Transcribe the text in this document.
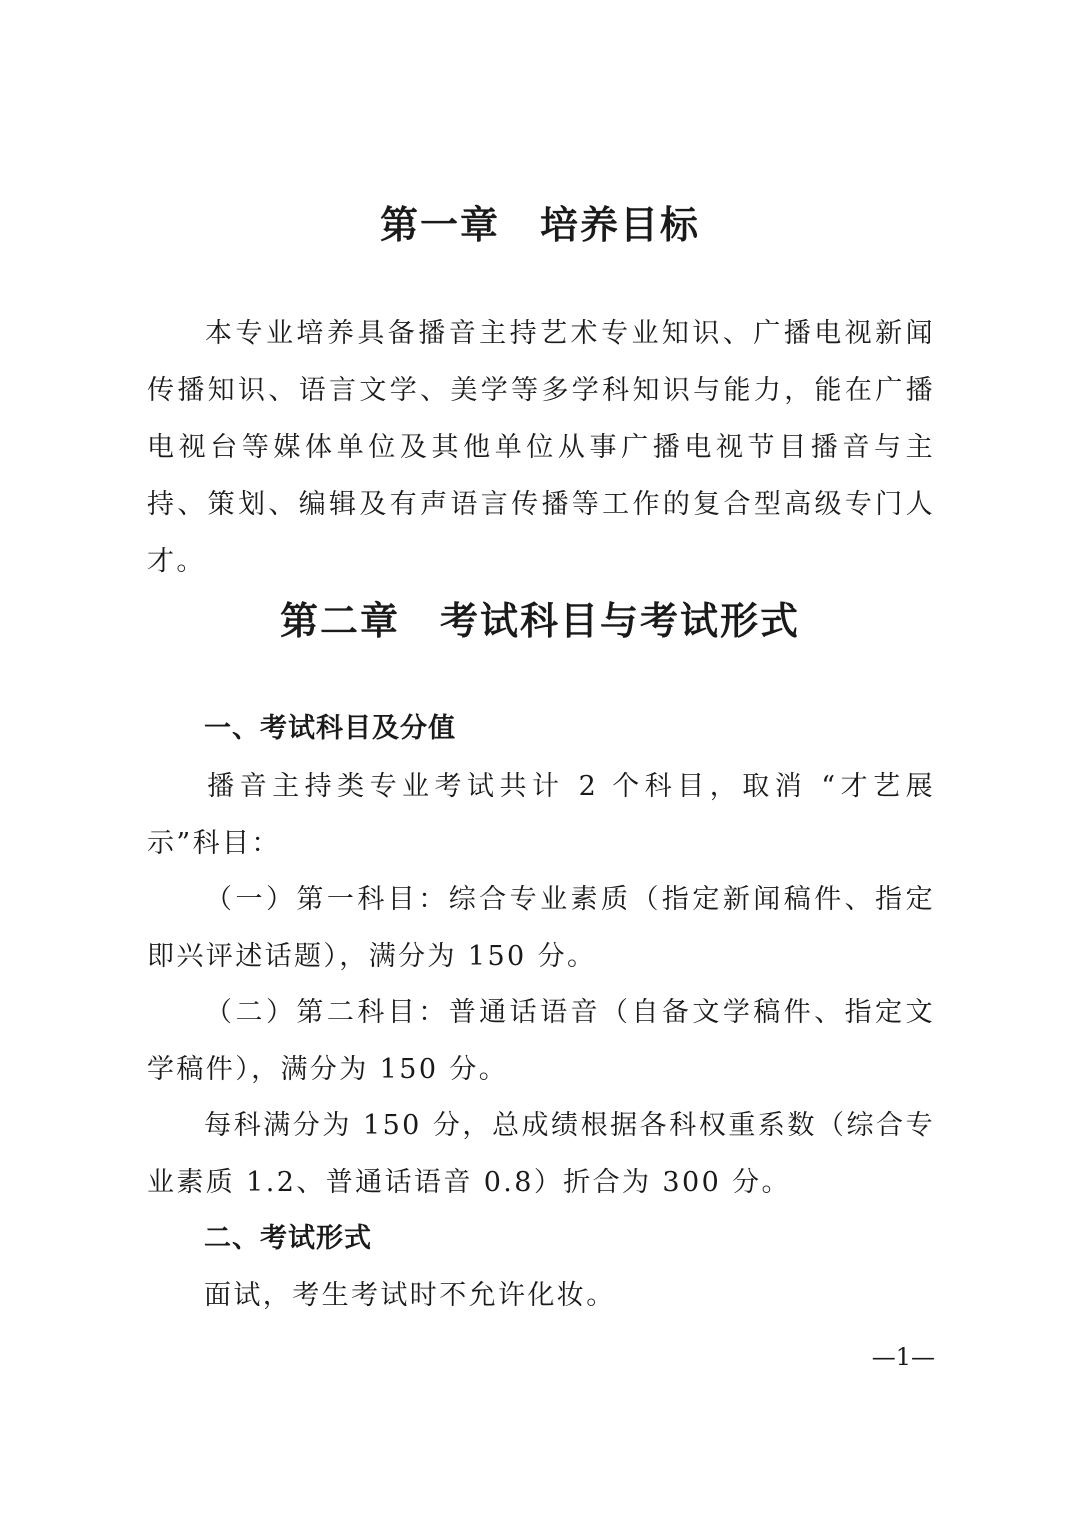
第一章　培养目标

本专业培养具备播音主持艺术专业知识、广播电视新闻传播知识、语言文学、美学等多学科知识与能力，能在广播电视台等媒体单位及其他单位从事广播电视节目播音与主持、策划、编辑及有声语言传播等工作的复合型高级专门人才。

第二章　考试科目与考试形式
一、考试科目及分值

播音主持类专业考试共计 2 个科目，取消 “才艺展示”科目：

（一）第一科目：综合专业素质（指定新闻稿件、指定即兴评述话题），满分为 150 分。

（二）第二科目：普通话语音（自备文学稿件、指定文学稿件），满分为 150 分。

每科满分为 150 分，总成绩根据各科权重系数（综合专业素质 1.2、普通话语音 0.8）折合为 300 分。

二、考试形式

面试，考生考试时不允许化妆。

—1—
